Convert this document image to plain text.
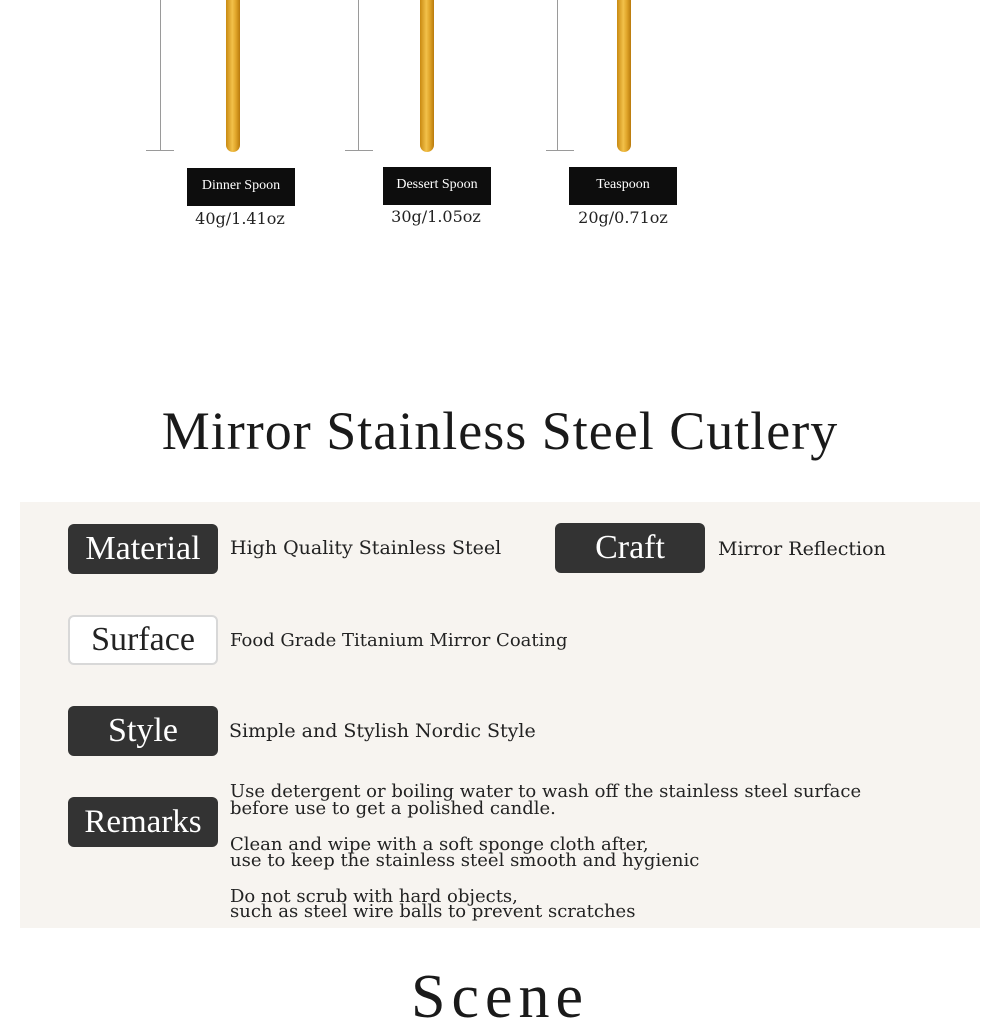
Dinner Spoon
40g/1.41oz
Dessert Spoon
30g/1.05oz
Teaspoon
20g/0.71oz
Mirror Stainless Steel Cutlery
Material	High Quality Stainless Steel	Craft	Mirror Reflection
Surface	Food Grade Titanium Mirror Coating
Style	Simple and Stylish Nordic Style
Remarks
Use detergent or boiling water to wash off the stainless steel surface
before use to get a polished candle.
Clean and wipe with a soft sponge cloth after,
use to keep the stainless steel smooth and hygienic
Do not scrub with hard objects,
such as steel wire balls to prevent scratches
Scene
